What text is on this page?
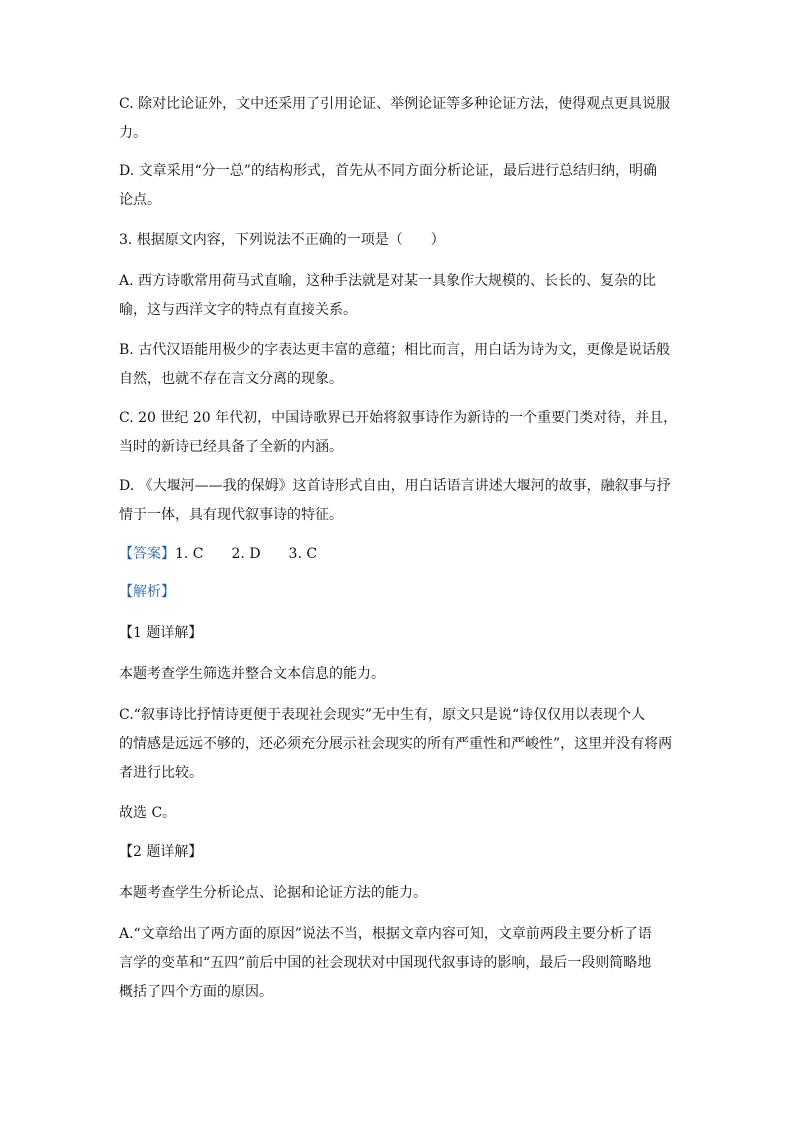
C. 除对比论证外，文中还采用了引用论证、举例论证等多种论证方法，使得观点更具说服
力。

D. 文章采用“分一总”的结构形式，首先从不同方面分析论证，最后进行总结归纳，明确
论点。

3. 根据原文内容，下列说法不正确的一项是（　　）

A. 西方诗歌常用荷马式直喻，这种手法就是对某一具象作大规模的、长长的、复杂的比
喻，这与西洋文字的特点有直接关系。

B. 古代汉语能用极少的字表达更丰富的意蕴；相比而言，用白话为诗为文，更像是说话般
自然，也就不存在言文分离的现象。

C. 20 世纪 20 年代初，中国诗歌界已开始将叙事诗作为新诗的一个重要门类对待，并且，
当时的新诗已经具备了全新的内涵。

D. 《大堰河——我的保姆》这首诗形式自由，用白话语言讲述大堰河的故事，融叙事与抒
情于一体，具有现代叙事诗的特征。

【答案】1. C　　2. D　　3. C

【解析】

【1 题详解】

本题考查学生筛选并整合文本信息的能力。

C.“叙事诗比抒情诗更便于表现社会现实”无中生有，原文只是说“诗仅仅用以表现个人
的情感是远远不够的，还必须充分展示社会现实的所有严重性和严峻性”，这里并没有将两
者进行比较。

故选 C。

【2 题详解】

本题考查学生分析论点、论据和论证方法的能力。

A.“文章给出了两方面的原因”说法不当，根据文章内容可知，文章前两段主要分析了语
言学的变革和“五四”前后中国的社会现状对中国现代叙事诗的影响，最后一段则简略地
概括了四个方面的原因。
